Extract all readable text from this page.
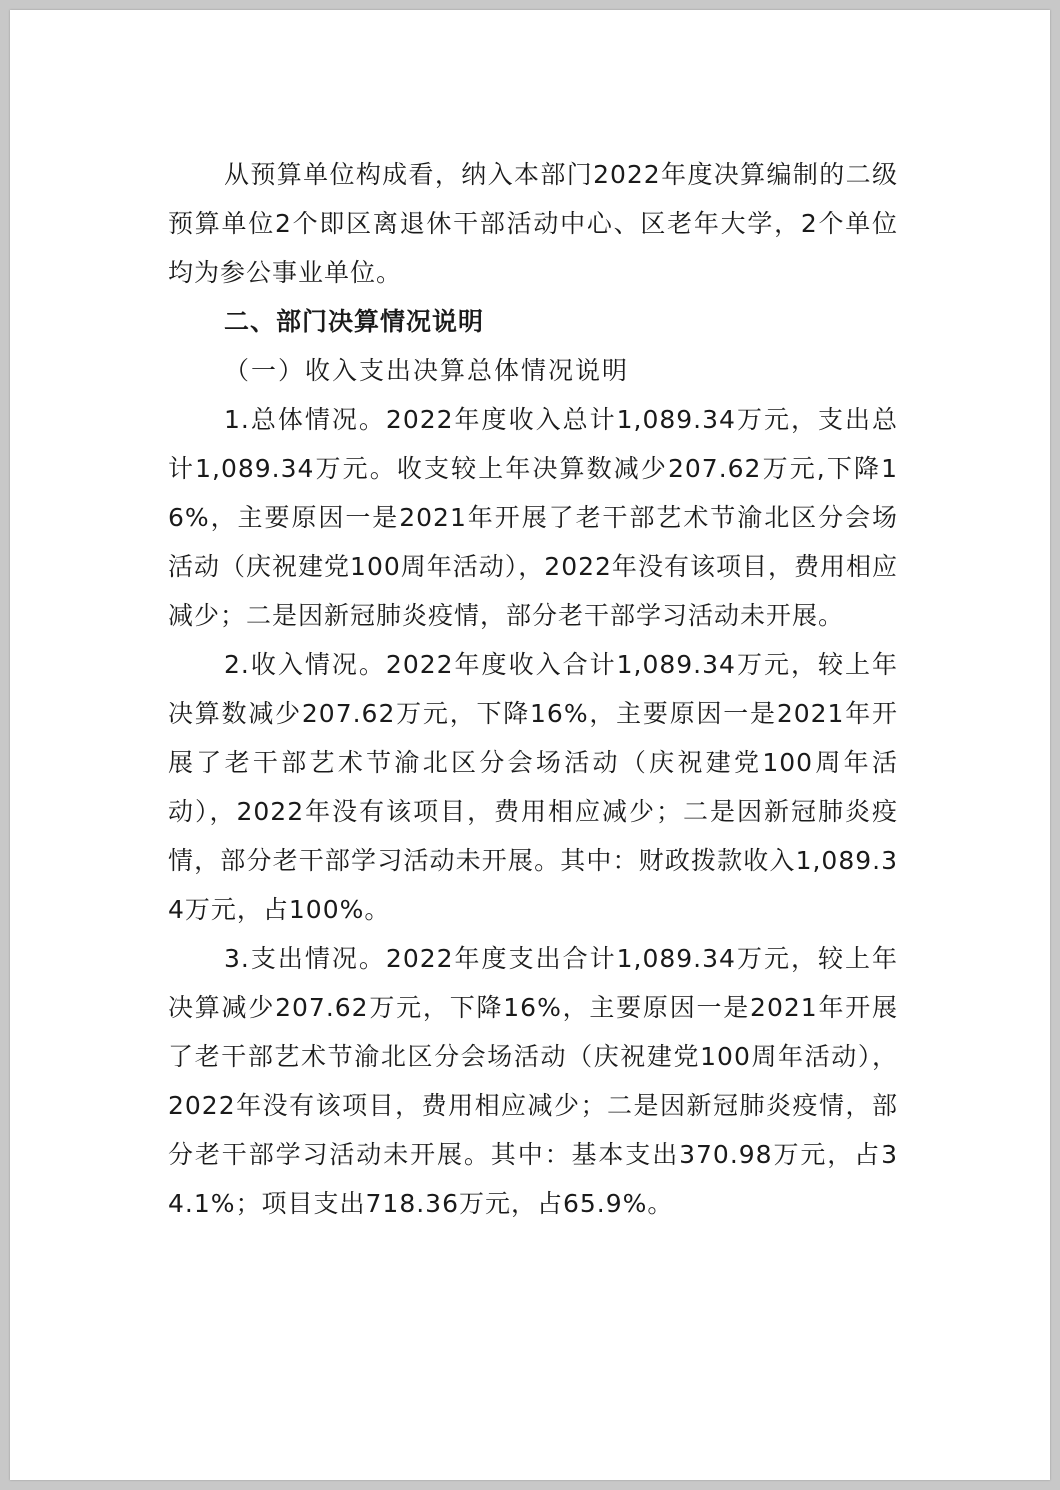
从预算单位构成看，纳入本部门2022年度决算编制的二级预算单位2个即区离退休干部活动中心、区老年大学，2个单位均为参公事业单位。

二、部门决算情况说明

（一）收入支出决算总体情况说明

1.总体情况。2022年度收入总计1,089.34万元，支出总计1,089.34万元。收支较上年决算数减少207.62万元,下降16%，主要原因一是2021年开展了老干部艺术节渝北区分会场活动（庆祝建党100周年活动），2022年没有该项目，费用相应减少；二是因新冠肺炎疫情，部分老干部学习活动未开展。

2.收入情况。2022年度收入合计1,089.34万元，较上年决算数减少207.62万元，下降16%，主要原因一是2021年开展了老干部艺术节渝北区分会场活动（庆祝建党100周年活动），2022年没有该项目，费用相应减少；二是因新冠肺炎疫情，部分老干部学习活动未开展。其中：财政拨款收入1,089.34万元，占100%。

3.支出情况。2022年度支出合计1,089.34万元，较上年决算减少207.62万元，下降16%，主要原因一是2021年开展了老干部艺术节渝北区分会场活动（庆祝建党100周年活动），2022年没有该项目，费用相应减少；二是因新冠肺炎疫情，部分老干部学习活动未开展。其中：基本支出370.98万元，占34.1%；项目支出718.36万元，占65.9%。
